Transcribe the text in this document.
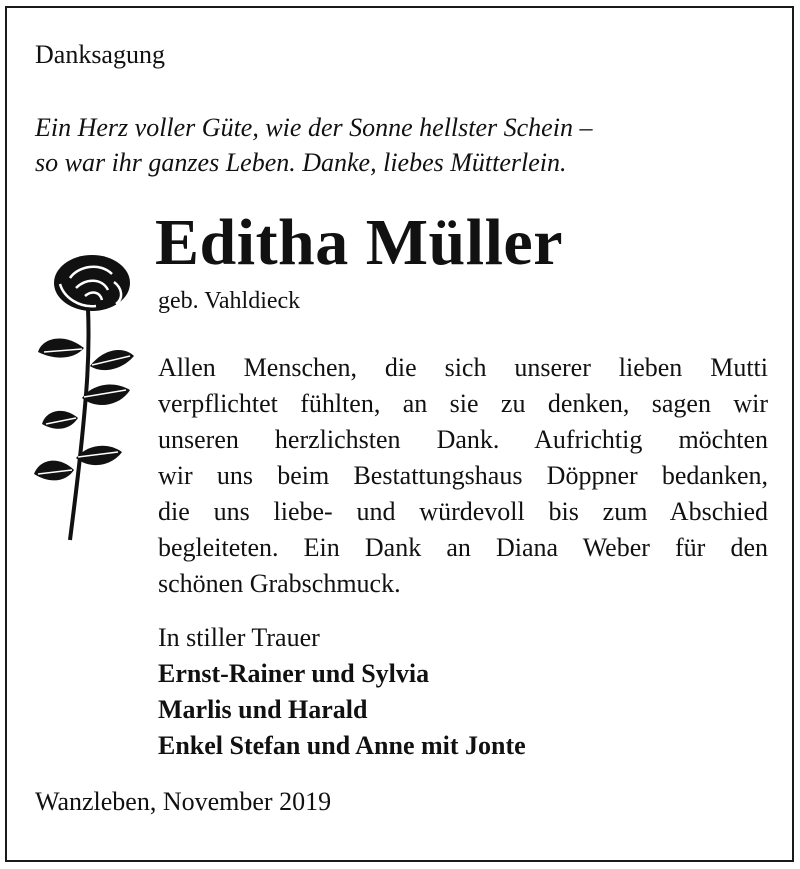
Danksagung
Ein Herz voller Güte, wie der Sonne hellster Schein –
so war ihr ganzes Leben. Danke, liebes Mütterlein.
Editha Müller
geb. Vahldieck
Allen Menschen, die sich unserer lieben Mutti
verpflichtet fühlten, an sie zu denken, sagen wir
unseren herzlichsten Dank. Aufrichtig möchten
wir uns beim Bestattungshaus Döppner bedanken,
die uns liebe- und würdevoll bis zum Abschied
begleiteten. Ein Dank an Diana Weber für den
schönen Grabschmuck.
In stiller Trauer
Ernst-Rainer und Sylvia
Marlis und Harald
Enkel Stefan und Anne mit Jonte
Wanzleben, November 2019
